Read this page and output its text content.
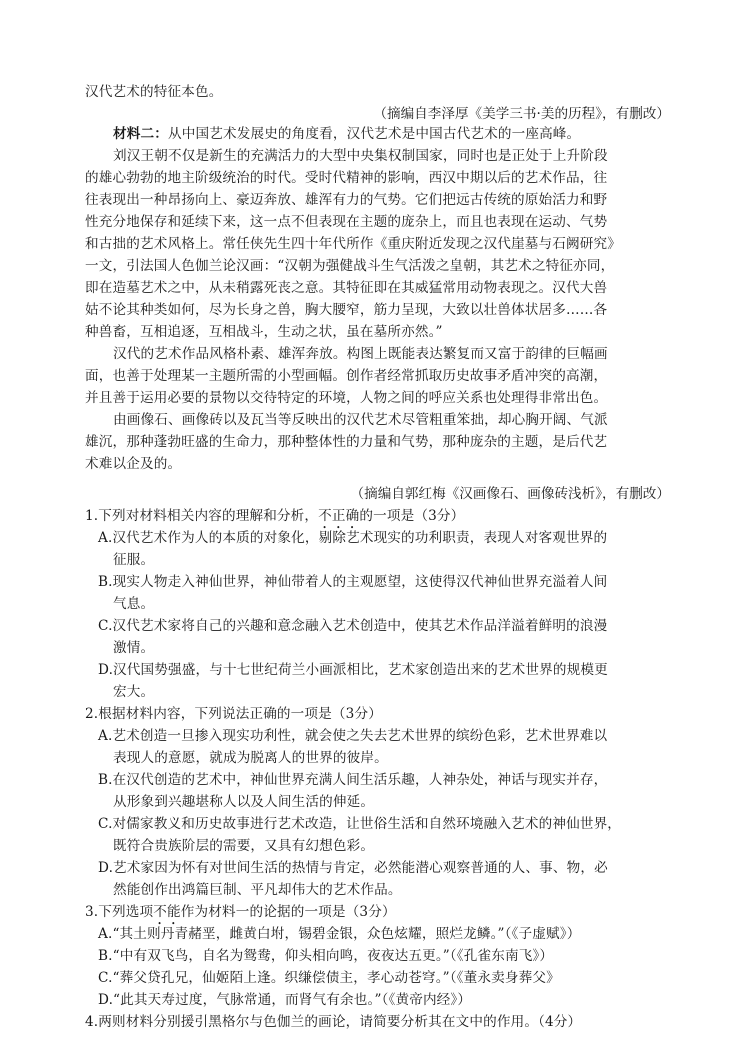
汉代艺术的特征本色。
（摘编自李泽厚《美学三书·美的历程》，有删改）
材料二：从中国艺术发展史的角度看，汉代艺术是中国古代艺术的一座高峰。
刘汉王朝不仅是新生的充满活力的大型中央集权制国家，同时也是正处于上升阶段
的雄心勃勃的地主阶级统治的时代。受时代精神的影响，西汉中期以后的艺术作品，往
往表现出一种昂扬向上、豪迈奔放、雄浑有力的气势。它们把远古传统的原始活力和野
性充分地保存和延续下来，这一点不但表现在主题的庞杂上，而且也表现在运动、气势
和古拙的艺术风格上。常任侠先生四十年代所作《重庆附近发现之汉代崖墓与石阙研究》
一文，引法国人色伽兰论汉画：“汉朝为强健战斗生气活泼之皇朝，其艺术之特征亦同，
即在造墓艺术之中，从未稍露死丧之意。其特征即在其威猛常用动物表现之。汉代大兽
姑不论其种类如何，尽为长身之兽，胸大腰窄，筋力呈现，大致以壮兽体状居多……各
种兽畜，互相追逐，互相战斗，生动之状，虽在墓所亦然。”
汉代的艺术作品风格朴素、雄浑奔放。构图上既能表达繁复而又富于韵律的巨幅画
面，也善于处理某一主题所需的小型画幅。创作者经常抓取历史故事矛盾冲突的高潮，
并且善于运用必要的景物以交待特定的环境，人物之间的呼应关系也处理得非常出色。
由画像石、画像砖以及瓦当等反映出的汉代艺术尽管粗重笨拙，却心胸开阔、气派
雄沉，那种蓬勃旺盛的生命力，那种整体性的力量和气势，那种庞杂的主题，是后代艺
术难以企及的。
（摘编自郭红梅《汉画像石、画像砖浅析》，有删改）
1.下列对材料相关内容的理解和分析，不正确的一项是（3分）
A.汉代艺术作为人的本质的对象化，剔除艺术现实的功利职责，表现人对客观世界的
征服。
B.现实人物走入神仙世界，神仙带着人的主观愿望，这使得汉代神仙世界充溢着人间
气息。
C.汉代艺术家将自己的兴趣和意念融入艺术创造中，使其艺术作品洋溢着鲜明的浪漫
激情。
D.汉代国势强盛，与十七世纪荷兰小画派相比，艺术家创造出来的艺术世界的规模更
宏大。
2.根据材料内容，下列说法正确的一项是（3分）
A.艺术创造一旦掺入现实功利性，就会使之失去艺术世界的缤纷色彩，艺术世界难以
表现人的意愿，就成为脱离人的世界的彼岸。
B.在汉代创造的艺术中，神仙世界充满人间生活乐趣，人神杂处，神话与现实并存，
从形象到兴趣堪称人以及人间生活的伸延。
C.对儒家教义和历史故事进行艺术改造，让世俗生活和自然环境融入艺术的神仙世界，
既符合贵族阶层的需要，又具有幻想色彩。
D.艺术家因为怀有对世间生活的热情与肯定，必然能潜心观察普通的人、事、物，必
然能创作出鸿篇巨制、平凡却伟大的艺术作品。
3.下列选项不能作为材料一的论据的一项是（3分）
A.“其土则丹青赭垩，雌黄白坿，锡碧金银，众色炫耀，照烂龙鳞。”（《子虚赋》）
B.“中有双飞鸟，自名为鸳鸯，仰头相向鸣，夜夜达五更。”（《孔雀东南飞》）
C.“葬父贷孔兄，仙姬陌上逢。织缣偿债主，孝心动苍穹。”（《董永卖身葬父》
D.“此其天寿过度，气脉常通，而肾气有余也。”（《黄帝内经》）
4.两则材料分别援引黑格尔与色伽兰的画论，请简要分析其在文中的作用。（4分）
